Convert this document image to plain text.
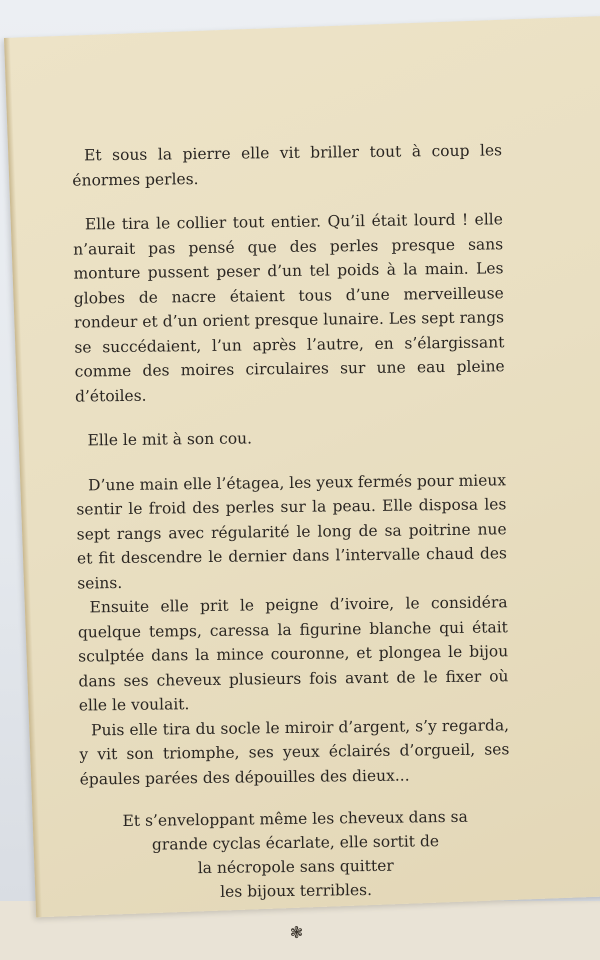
Et sous la pierre elle vit briller tout à coup les énormes perles.

Elle tira le collier tout entier. Qu’il était lourd ! elle n’aurait pas pensé que des perles presque sans monture pussent peser d’un tel poids à la main. Les globes de nacre étaient tous d’une merveilleuse rondeur et d’un orient presque lunaire. Les sept rangs se succédaient, l’un après l’autre, en s’élargissant comme des moires circulaires sur une eau pleine d’étoiles.

Elle le mit à son cou.

D’une main elle l’étagea, les yeux fermés pour mieux sentir le froid des perles sur la peau. Elle disposa les sept rangs avec régularité le long de sa poitrine nue et fit descendre le dernier dans l’intervalle chaud des seins.

Ensuite elle prit le peigne d’ivoire, le considéra quelque temps, caressa la figurine blanche qui était sculptée dans la mince couronne, et plongea le bijou dans ses cheveux plusieurs fois avant de le fixer où elle le voulait.

Puis elle tira du socle le miroir d’argent, s’y regarda, y vit son triomphe, ses yeux éclairés d’orgueil, ses épaules parées des dépouilles des dieux...

Et s’enveloppant même les cheveux dans sa
grande cyclas écarlate, elle sortit de
la nécropole sans quitter
les bijoux terribles.
❃
